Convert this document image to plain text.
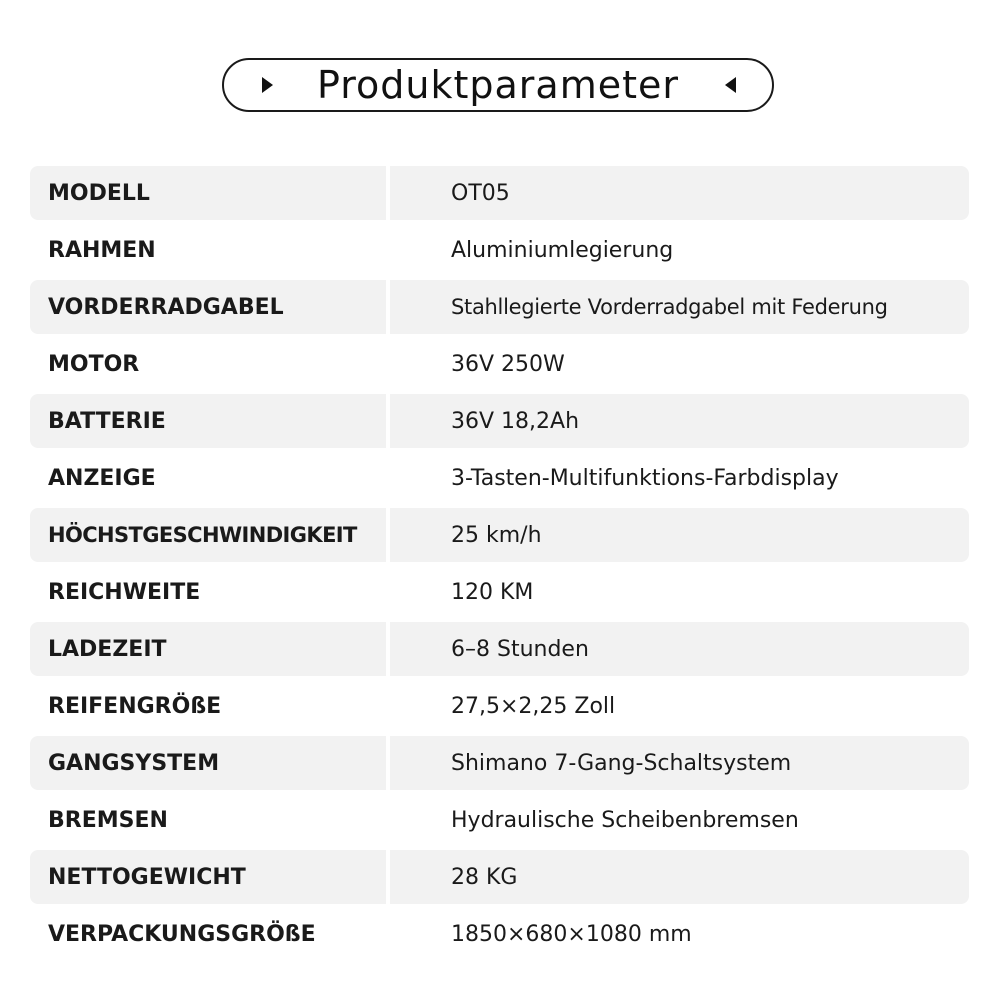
Produktparameter
MODELL	OT05
RAHMEN	Aluminiumlegierung
VORDERRADGABEL	Stahllegierte Vorderradgabel mit Federung
MOTOR	36V 250W
BATTERIE	36V 18,2Ah
ANZEIGE	3-Tasten-Multifunktions-Farbdisplay
HÖCHSTGESCHWINDIGKEIT	25 km/h
REICHWEITE	120 KM
LADEZEIT	6–8 Stunden
REIFENGRÖßE	27,5×2,25 Zoll
GANGSYSTEM	Shimano 7-Gang-Schaltsystem
BREMSEN	Hydraulische Scheibenbremsen
NETTOGEWICHT	28 KG
VERPACKUNGSGRÖßE	1850×680×1080 mm
